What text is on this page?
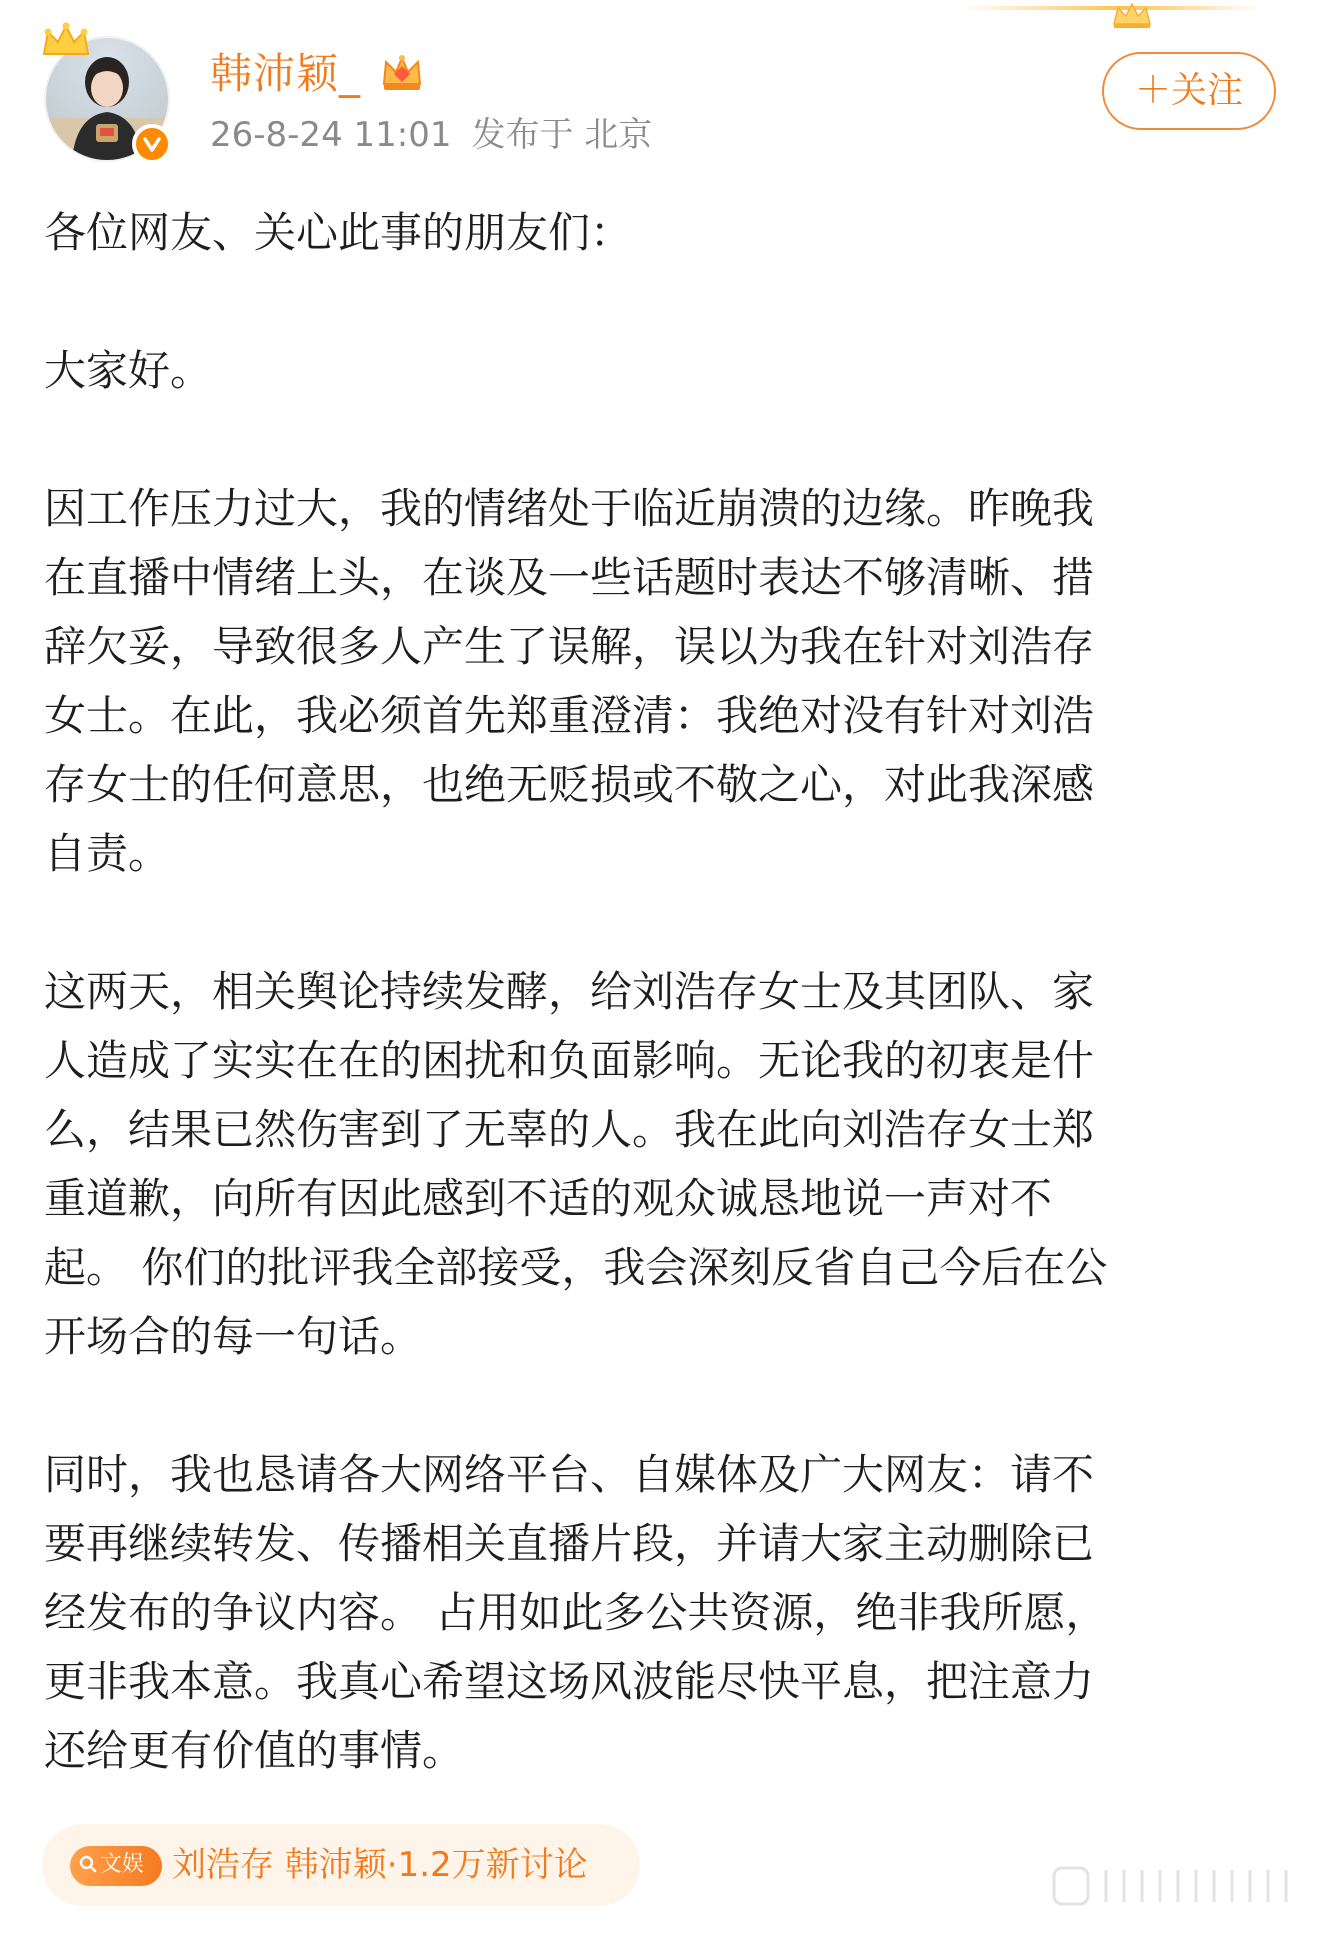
韩沛颖_
26-8-24 11:01 发布于 北京
＋关注

各位网友、关心此事的朋友们：

大家好。

因工作压力过大，我的情绪处于临近崩溃的边缘。昨晚我

在直播中情绪上头，在谈及一些话题时表达不够清晰、措

辞欠妥，导致很多人产生了误解，误以为我在针对刘浩存

女士。在此，我必须首先郑重澄清：我绝对没有针对刘浩

存女士的任何意思，也绝无贬损或不敬之心，对此我深感

自责。

这两天，相关舆论持续发酵，给刘浩存女士及其团队、家

人造成了实实在在的困扰和负面影响。无论我的初衷是什

么，结果已然伤害到了无辜的人。我在此向刘浩存女士郑

重道歉，向所有因此感到不适的观众诚恳地说一声对不

起。 你们的批评我全部接受，我会深刻反省自己今后在公

开场合的每一句话。

同时，我也恳请各大网络平台、自媒体及广大网友：请不

要再继续转发、传播相关直播片段，并请大家主动删除已

经发布的争议内容。 占用如此多公共资源，绝非我所愿，

更非我本意。我真心希望这场风波能尽快平息，把注意力

还给更有价值的事情。

文娱 刘浩存 韩沛颖·1.2万新讨论
